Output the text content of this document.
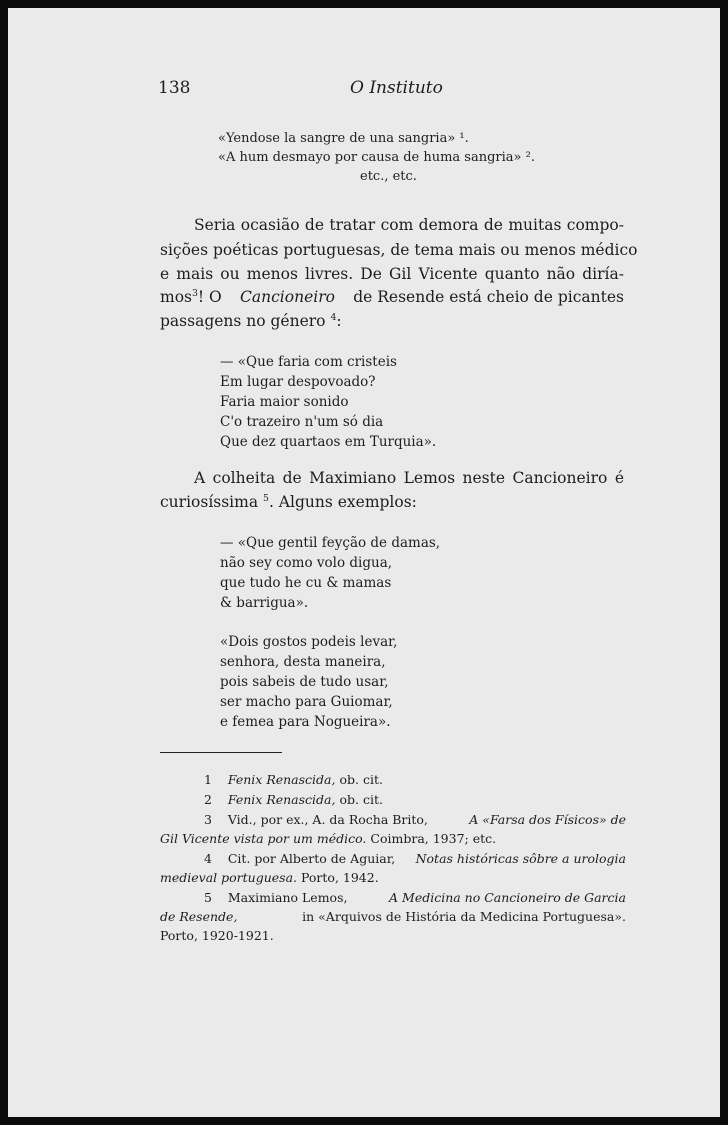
138	O Instituto
«Yendose la sangre de una sangria» ¹.
«A hum desmayo por causa de huma sangria» ².
etc., etc.
Seria ocasião de tratar com demora de muitas compo-
sições poéticas portuguesas, de tema mais ou menos médico
e mais ou menos livres. De Gil Vicente quanto não diría-
mos$^3$! O Cancioneiro de Resende está cheio de picantes
passagens no género $^4$:
— «Que faria com cristeis
Em lugar despovoado?
Faria maior sonido
C'o trazeiro n'um só dia
Que dez quartaos em Turquia».
A colheita de Maximiano Lemos neste Cancioneiro é
curiosíssima $^5$. Alguns exemplos:
— «Que gentil feyção de damas,
não sey como volo digua,
que tudo he cu & mamas
& barrigua».
«Dois gostos podeis levar,
senhora, desta maneira,
pois sabeis de tudo usar,
ser macho para Guiomar,
e femea para Nogueira».
1 Fenix Renascida, ob. cit.
2 Fenix Renascida, ob. cit.
3 Vid., por ex., A. da Rocha Brito,	A «Farsa dos Físicos» de
Gil Vicente vista por um médico. Coimbra, 1937; etc.
4 Cit. por Alberto de Aguiar, Notas históricas sôbre a urologia
medieval portuguesa. Porto, 1942.
5 Maximiano Lemos,	A Medicina no Cancioneiro de Garcia
de Resende,	in «Arquivos de História da Medicina Portuguesa».
Porto, 1920-1921.
